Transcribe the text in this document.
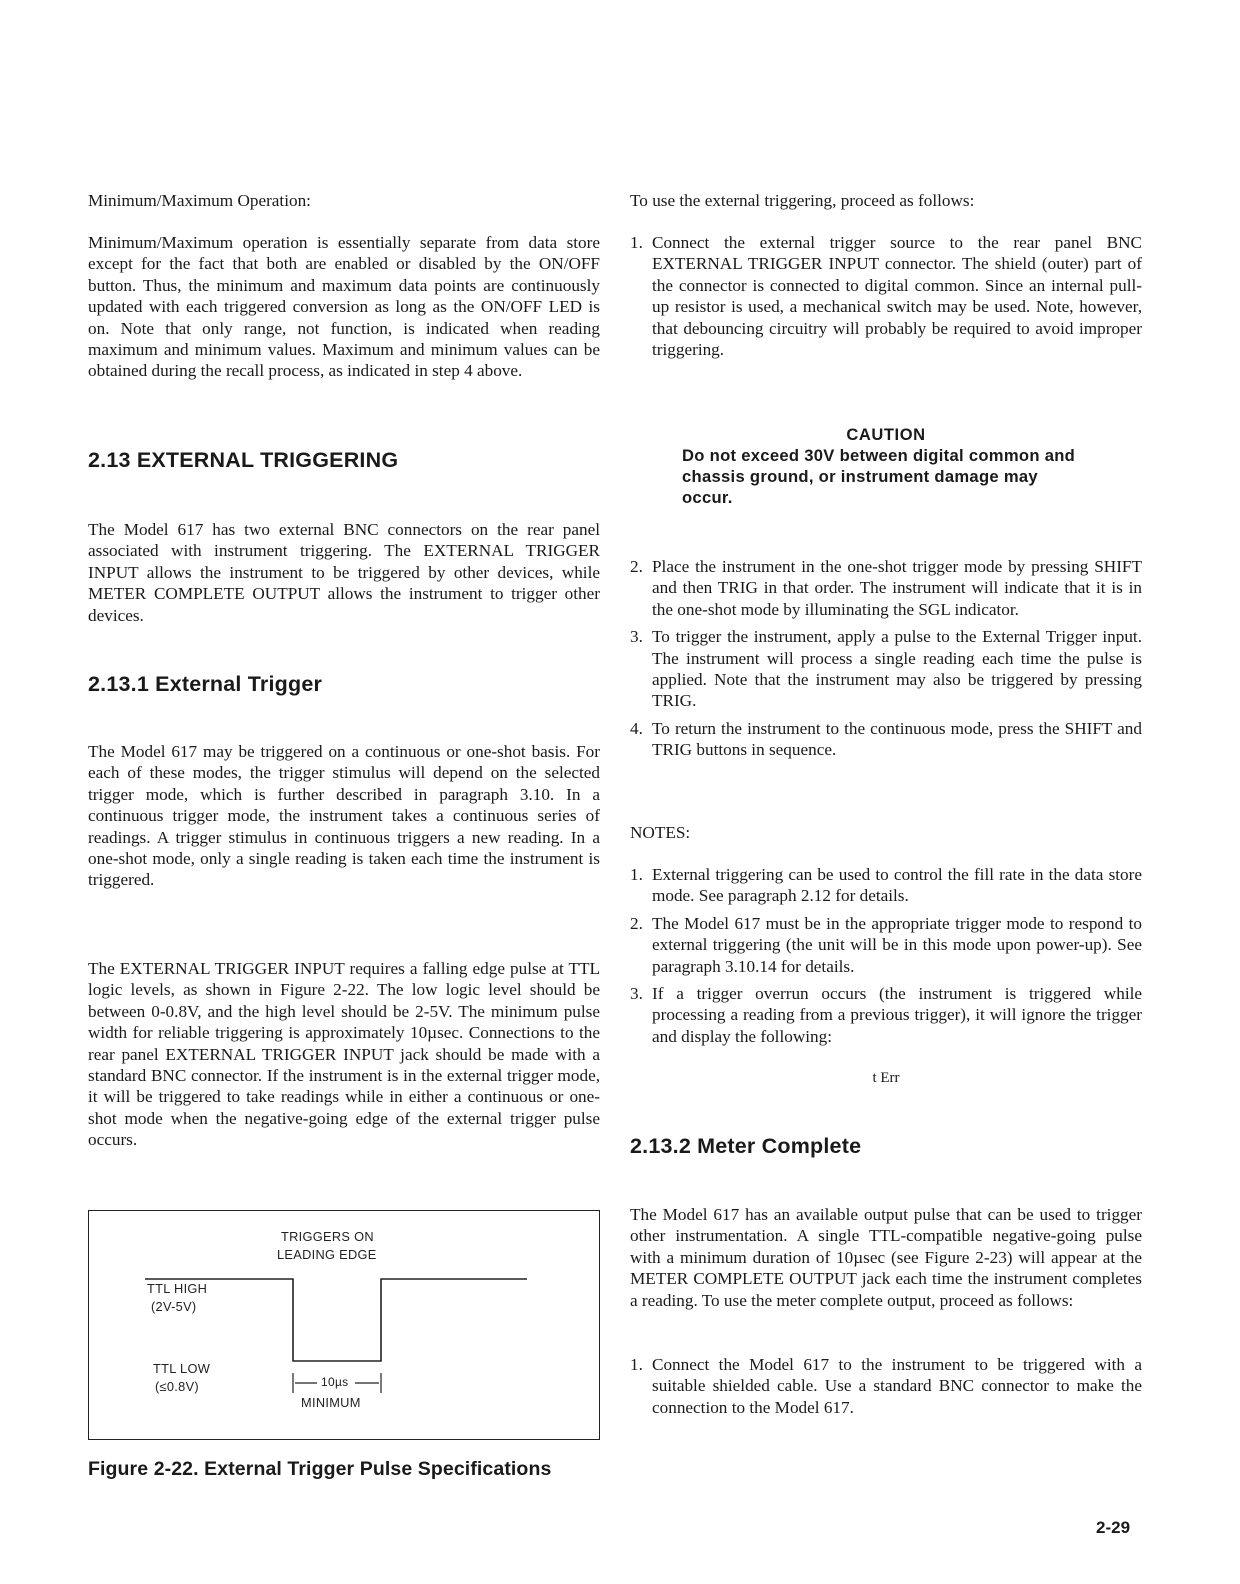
Minimum/Maximum Operation:

Minimum/Maximum operation is essentially separate from data store except for the fact that both are enabled or disabled by the ON/OFF button. Thus, the minimum and maximum data points are continuously updated with each triggered conversion as long as the ON/OFF LED is on. Note that only range, not function, is indicated when reading maximum and minimum values. Maximum and minimum values can be obtained during the recall process, as indicated in step 4 above.

2.13 EXTERNAL TRIGGERING

The Model 617 has two external BNC connectors on the rear panel associated with instrument triggering. The EXTERNAL TRIGGER INPUT allows the instrument to be triggered by other devices, while METER COMPLETE OUTPUT allows the instrument to trigger other devices.

2.13.1 External Trigger

The Model 617 may be triggered on a continuous or one-shot basis. For each of these modes, the trigger stimulus will depend on the selected trigger mode, which is further described in paragraph 3.10. In a continuous trigger mode, the instrument takes a continuous series of readings. A trigger stimulus in continuous triggers a new reading. In a one-shot mode, only a single reading is taken each time the instrument is triggered.

The EXTERNAL TRIGGER INPUT requires a falling edge pulse at TTL logic levels, as shown in Figure 2-22. The low logic level should be between 0-0.8V, and the high level should be 2-5V. The minimum pulse width for reliable triggering is approximately 10µsec. Connections to the rear panel EXTERNAL TRIGGER INPUT jack should be made with a standard BNC connector. If the instrument is in the external trigger mode, it will be triggered to take readings while in either a continuous or one-shot mode when the negative-going edge of the external trigger pulse occurs.

TRIGGERS ON
LEADING EDGE
TTL HIGH
(2V-5V)
TTL LOW
(≤0.8V)	10µs
MINIMUM
Figure 2-22. External Trigger Pulse Specifications
To use the external triggering, proceed as follows:
1. Connect the external trigger source to the rear panel BNC EXTERNAL TRIGGER INPUT connector. The shield (outer) part of the connector is connected to digital common. Since an internal pull-up resistor is used, a mechanical switch may be used. Note, however, that debouncing circuitry will probably be required to avoid improper triggering.
CAUTION
Do not exceed 30V between digital common and chassis ground, or instrument damage may occur.
2. Place the instrument in the one-shot trigger mode by pressing SHIFT and then TRIG in that order. The instrument will indicate that it is in the one-shot mode by illuminating the SGL indicator.
3. To trigger the instrument, apply a pulse to the External Trigger input. The instrument will process a single reading each time the pulse is applied. Note that the instrument may also be triggered by pressing TRIG.
4. To return the instrument to the continuous mode, press the SHIFT and TRIG buttons in sequence.
NOTES:
1. External triggering can be used to control the fill rate in the data store mode. See paragraph 2.12 for details.
2. The Model 617 must be in the appropriate trigger mode to respond to external triggering (the unit will be in this mode upon power-up). See paragraph 3.10.14 for details.
3. If a trigger overrun occurs (the instrument is triggered while processing a reading from a previous trigger), it will ignore the trigger and display the following:
t Err
2.13.2 Meter Complete

The Model 617 has an available output pulse that can be used to trigger other instrumentation. A single TTL-compatible negative-going pulse with a minimum duration of 10µsec (see Figure 2-23) will appear at the METER COMPLETE OUTPUT jack each time the instrument completes a reading. To use the meter complete output, proceed as follows:

1. Connect the Model 617 to the instrument to be triggered with a suitable shielded cable. Use a standard BNC connector to make the connection to the Model 617.
2-29
